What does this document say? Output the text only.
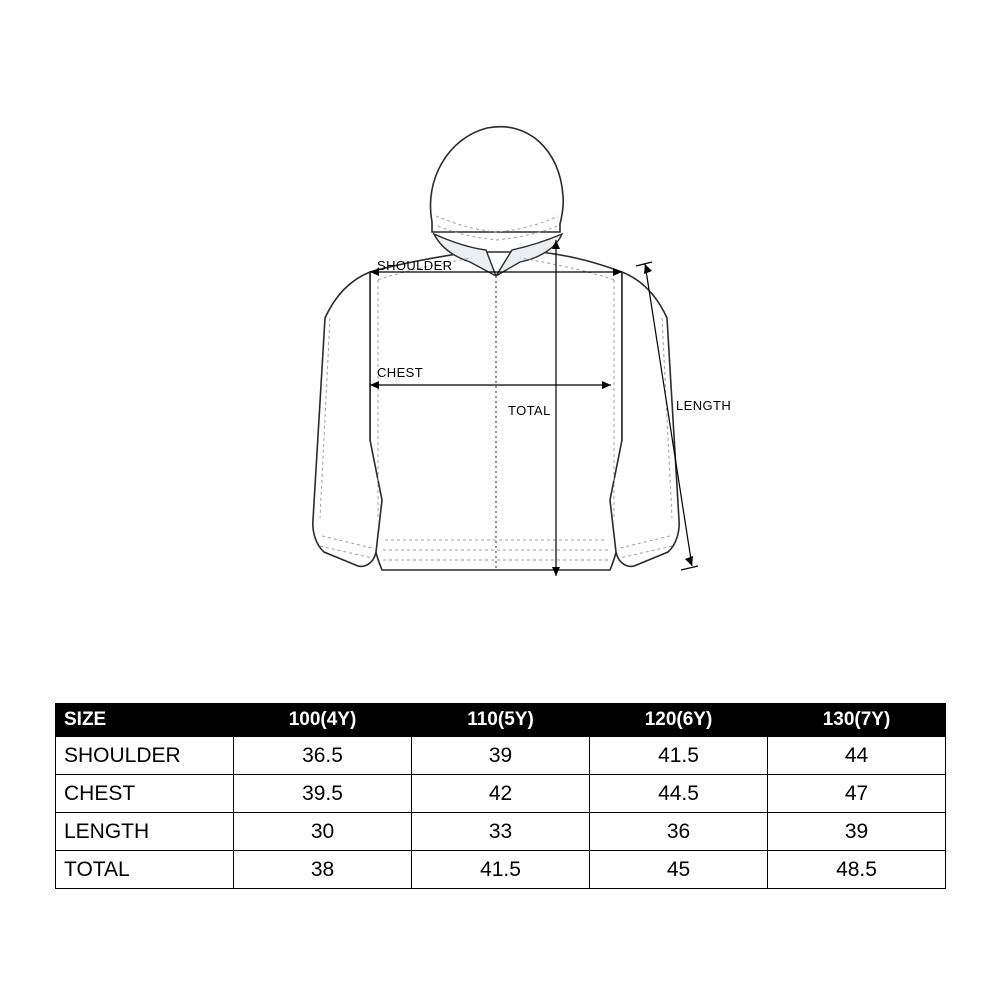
SHOULDER
CHEST
TOTAL	LENGTH
SIZE	100(4Y)	110(5Y)	120(6Y)	130(7Y)
SHOULDER	36.5	39	41.5	44
CHEST	39.5	42	44.5	47
LENGTH	30	33	36	39
TOTAL	38	41.5	45	48.5
